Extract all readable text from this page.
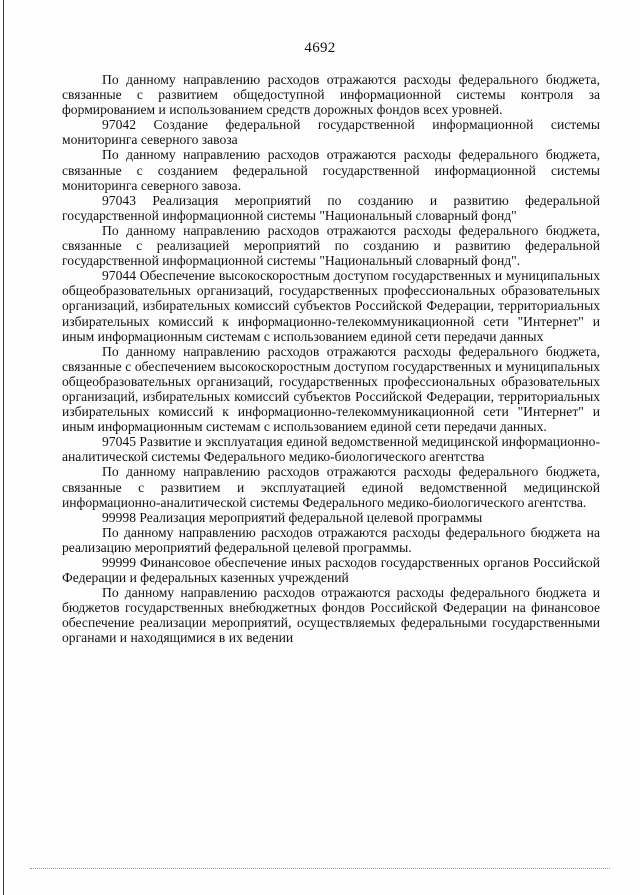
4692

По данному направлению расходов отражаются расходы федерального бюджета, связанные с развитием общедоступной информационной системы контроля за формированием и использованием средств дорожных фондов всех уровней.

97042 Создание федеральной государственной информационной системы мониторинга северного завоза

По данному направлению расходов отражаются расходы федерального бюджета, связанные с созданием федеральной государственной информационной системы мониторинга северного завоза.

97043 Реализация мероприятий по созданию и развитию федеральной государственной информационной системы "Национальный словарный фонд"

По данному направлению расходов отражаются расходы федерального бюджета, связанные с реализацией мероприятий по созданию и развитию федеральной государственной информационной системы "Национальный словарный фонд".

97044 Обеспечение высокоскоростным доступом государственных и муниципальных общеобразовательных организаций, государственных профессиональных образовательных организаций, избирательных комиссий субъектов Российской Федерации, территориальных избирательных комиссий к информационно-телекоммуникационной сети "Интернет" и иным информационным системам с использованием единой сети передачи данных

По данному направлению расходов отражаются расходы федерального бюджета, связанные с обеспечением высокоскоростным доступом государственных и муниципальных общеобразовательных организаций, государственных профессиональных образовательных организаций, избирательных комиссий субъектов Российской Федерации, территориальных избирательных комиссий к информационно-телекоммуникационной сети "Интернет" и иным информационным системам с использованием единой сети передачи данных.

97045 Развитие и эксплуатация единой ведомственной медицинской информационно-аналитической системы Федерального медико-биологического агентства

По данному направлению расходов отражаются расходы федерального бюджета, связанные с развитием и эксплуатацией единой ведомственной медицинской информационно-аналитической системы Федерального медико-биологического агентства.

99998 Реализация мероприятий федеральной целевой программы

По данному направлению расходов отражаются расходы федерального бюджета на реализацию мероприятий федеральной целевой программы.

99999 Финансовое обеспечение иных расходов государственных органов Российской Федерации и федеральных казенных учреждений

По данному направлению расходов отражаются расходы федерального бюджета и бюджетов государственных внебюджетных фондов Российской Федерации на финансовое обеспечение реализации мероприятий, осуществляемых федеральными государственными органами и находящимися в их ведении
